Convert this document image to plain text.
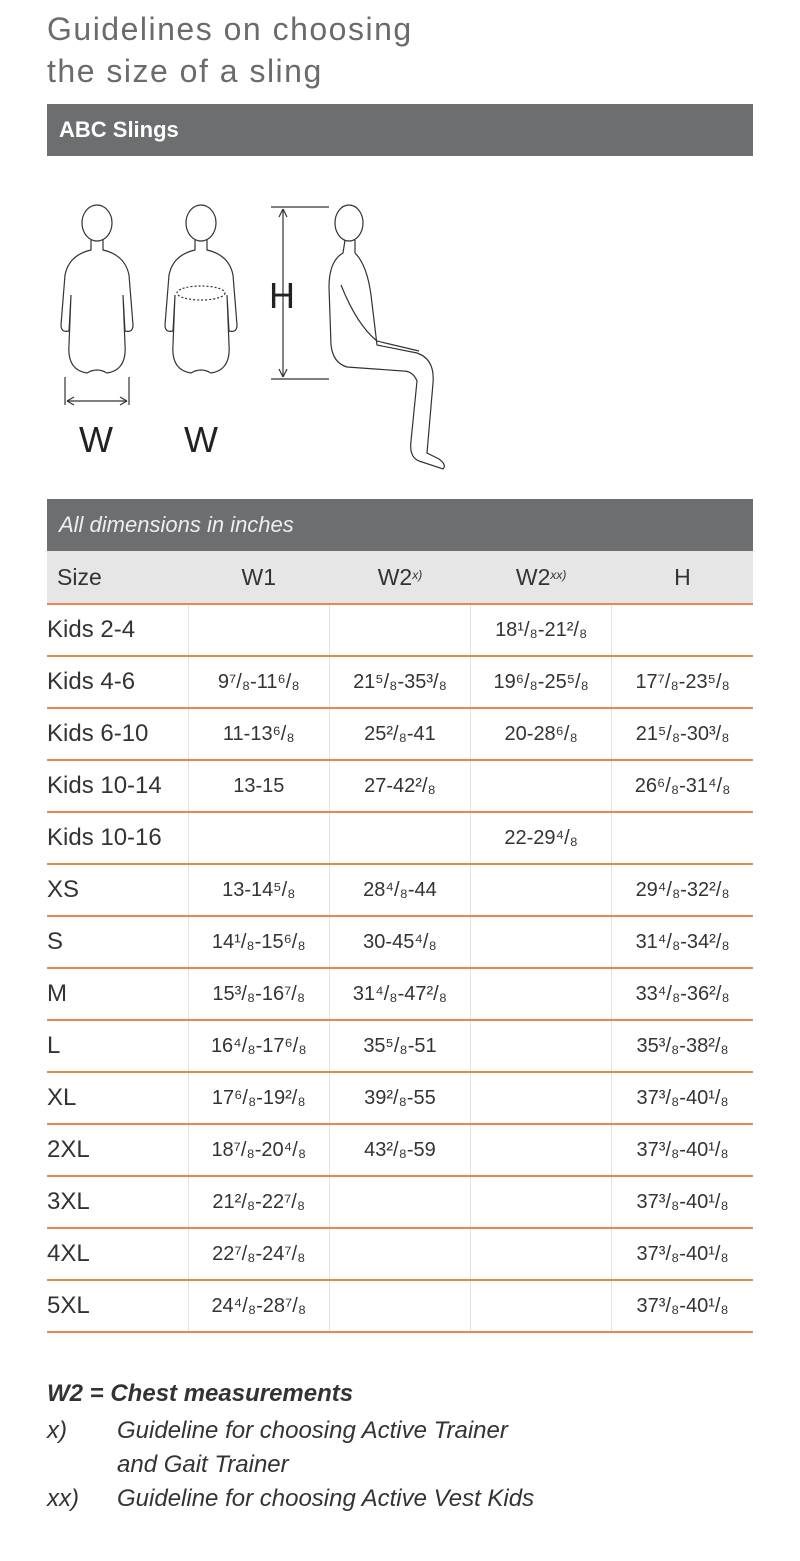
Guidelines on choosing
the size of a sling
ABC Slings
W W
H
All dimensions in inches
Size	W1	W2$^{x)}$	W2$^{xx)}$	H
Kids 2-4			18¹/₈-21²/₈	
Kids 4-6	9⁷/₈-11⁶/₈	21⁵/₈-35³/₈	19⁶/₈-25⁵/₈	17⁷/₈-23⁵/₈
Kids 6-10	11-13⁶/₈	25²/₈-41	20-28⁶/₈	21⁵/₈-30³/₈
Kids 10-14	13-15	27-42²/₈		26⁶/₈-31⁴/₈
Kids 10-16			22-29⁴/₈	
XS	13-14⁵/₈	28⁴/₈-44		29⁴/₈-32²/₈
S	14¹/₈-15⁶/₈	30-45⁴/₈		31⁴/₈-34²/₈
M	15³/₈-16⁷/₈	31⁴/₈-47²/₈		33⁴/₈-36²/₈
L	16⁴/₈-17⁶/₈	35⁵/₈-51		35³/₈-38²/₈
XL	17⁶/₈-19²/₈	39²/₈-55		37³/₈-40¹/₈
2XL	18⁷/₈-20⁴/₈	43²/₈-59		37³/₈-40¹/₈
3XL	21²/₈-22⁷/₈			37³/₈-40¹/₈
4XL	22⁷/₈-24⁷/₈			37³/₈-40¹/₈
5XL	24⁴/₈-28⁷/₈			37³/₈-40¹/₈
W2 = Chest measurements
x)	Guideline for choosing Active Trainer
and Gait Trainer
xx)	Guideline for choosing Active Vest Kids
